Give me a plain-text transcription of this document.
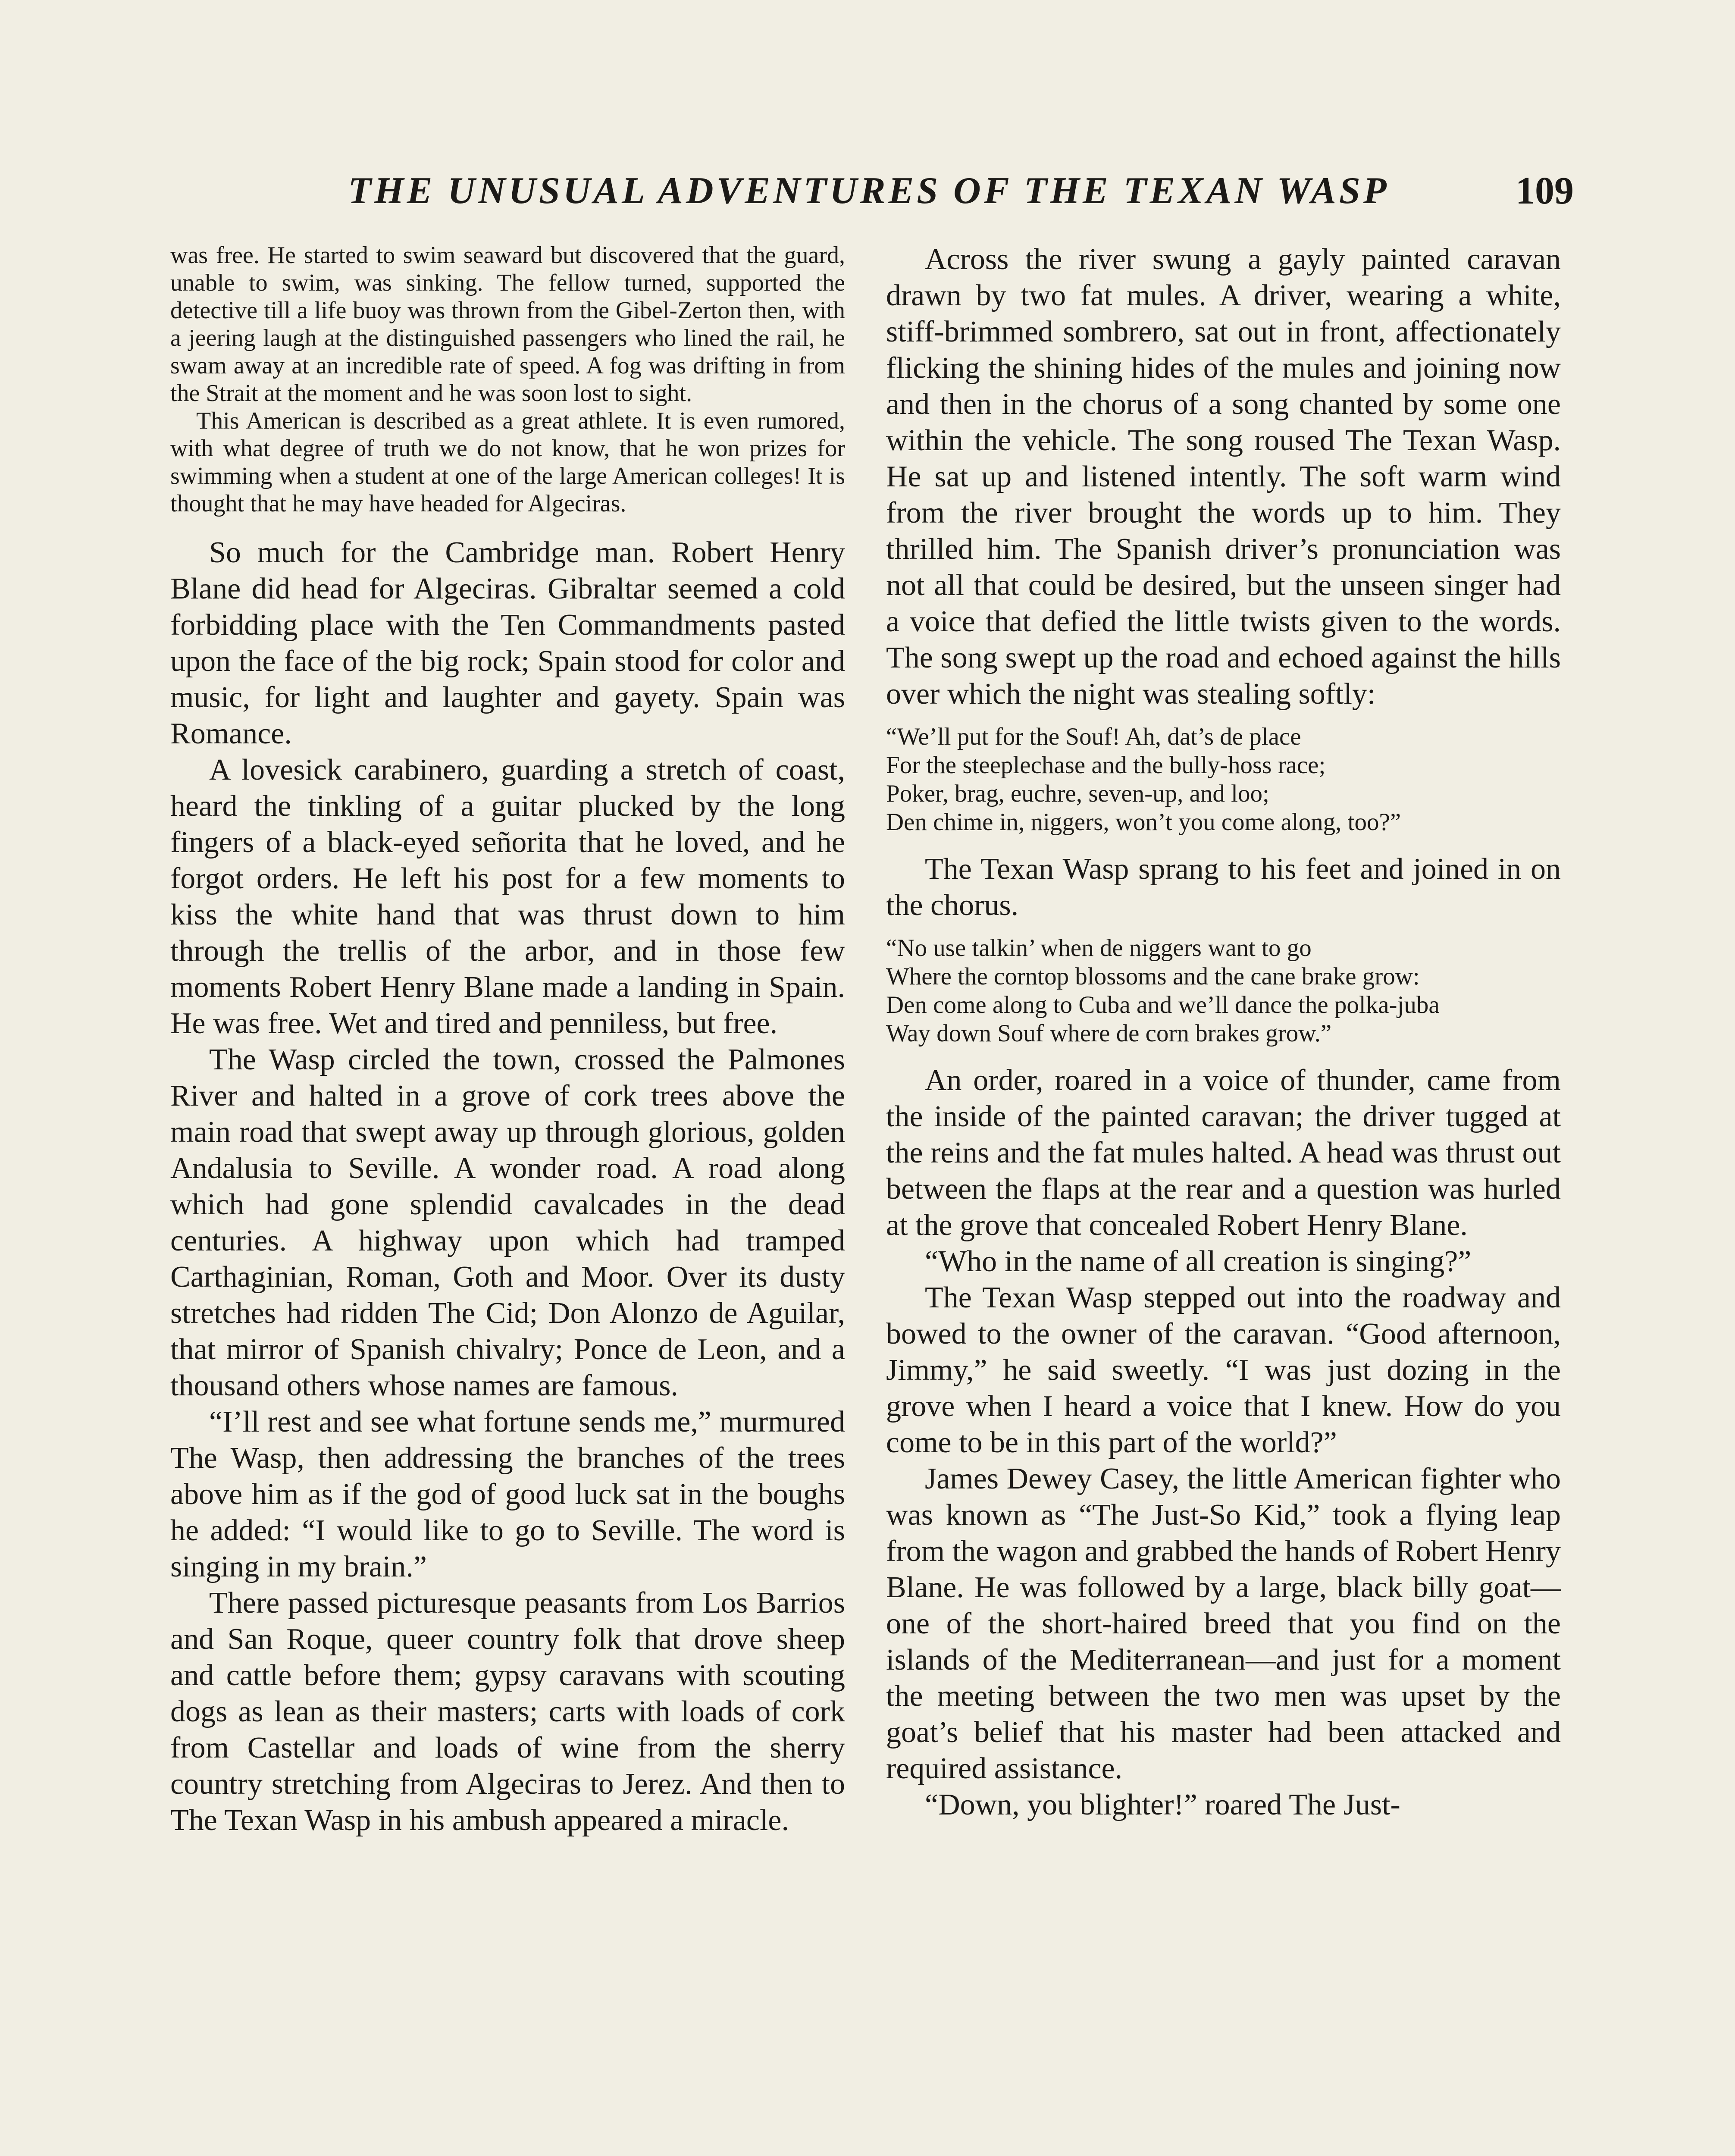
THE UNUSUAL ADVENTURES OF THE TEXAN WASP	109

was free. He started to swim seaward but discovered that the guard, unable to swim, was sinking. The fellow turned, supported the detective till a life buoy was thrown from the Gibel-Zerton then, with a jeering laugh at the distinguished passengers who lined the rail, he swam away at an incredible rate of speed. A fog was drifting in from the Strait at the moment and he was soon lost to sight.

This American is described as a great athlete. It is even rumored, with what degree of truth we do not know, that he won prizes for swimming when a student at one of the large American colleges! It is thought that he may have headed for Algeciras.

So much for the Cambridge man. Robert Henry Blane did head for Algeciras. Gibraltar seemed a cold forbidding place with the Ten Commandments pasted upon the face of the big rock; Spain stood for color and music, for light and laughter and gayety. Spain was Romance.

A lovesick carabinero, guarding a stretch of coast, heard the tinkling of a guitar plucked by the long fingers of a black-eyed señorita that he loved, and he forgot orders. He left his post for a few moments to kiss the white hand that was thrust down to him through the trellis of the arbor, and in those few moments Robert Henry Blane made a landing in Spain. He was free. Wet and tired and penniless, but free.

The Wasp circled the town, crossed the Palmones River and halted in a grove of cork trees above the main road that swept away up through glorious, golden Andalusia to Seville. A wonder road. A road along which had gone splendid cavalcades in the dead centuries. A highway upon which had tramped Carthaginian, Roman, Goth and Moor. Over its dusty stretches had ridden The Cid; Don Alonzo de Aguilar, that mirror of Spanish chivalry; Ponce de Leon, and a thousand others whose names are famous.

“I’ll rest and see what fortune sends me,” murmured The Wasp, then addressing the branches of the trees above him as if the god of good luck sat in the boughs he added: “I would like to go to Seville. The word is singing in my brain.”

There passed picturesque peasants from Los Barrios and San Roque, queer country folk that drove sheep and cattle before them; gypsy caravans with scouting dogs as lean as their masters; carts with loads of cork from Castellar and loads of wine from the sherry country stretching from Algeciras to Jerez. And then to The Texan Wasp in his ambush appeared a miracle.

Across the river swung a gayly painted caravan drawn by two fat mules. A driver, wearing a white, stiff-brimmed sombrero, sat out in front, affectionately flicking the shining hides of the mules and joining now and then in the chorus of a song chanted by some one within the vehicle. The song roused The Texan Wasp. He sat up and listened intently. The soft warm wind from the river brought the words up to him. They thrilled him. The Spanish driver’s pronunciation was not all that could be desired, but the unseen singer had a voice that defied the little twists given to the words. The song swept up the road and echoed against the hills over which the night was stealing softly:

“We’ll put for the Souf! Ah, dat’s de place
For the steeplechase and the bully-hoss race;
Poker, brag, euchre, seven-up, and loo;
Den chime in, niggers, won’t you come along, too?”

The Texan Wasp sprang to his feet and joined in on the chorus.

“No use talkin’ when de niggers want to go
Where the corntop blossoms and the cane brake grow:
Den come along to Cuba and we’ll dance the polka-juba
Way down Souf where de corn brakes grow.”

An order, roared in a voice of thunder, came from the inside of the painted caravan; the driver tugged at the reins and the fat mules halted. A head was thrust out between the flaps at the rear and a question was hurled at the grove that concealed Robert Henry Blane.

“Who in the name of all creation is singing?”

The Texan Wasp stepped out into the roadway and bowed to the owner of the caravan. “Good afternoon, Jimmy,” he said sweetly. “I was just dozing in the grove when I heard a voice that I knew. How do you come to be in this part of the world?”

James Dewey Casey, the little American fighter who was known as “The Just-So Kid,” took a flying leap from the wagon and grabbed the hands of Robert Henry Blane. He was followed by a large, black billy goat—one of the short-haired breed that you find on the islands of the Mediterranean—and just for a moment the meeting between the two men was upset by the goat’s belief that his master had been attacked and required assistance.

“Down, you blighter!” roared The Just-
